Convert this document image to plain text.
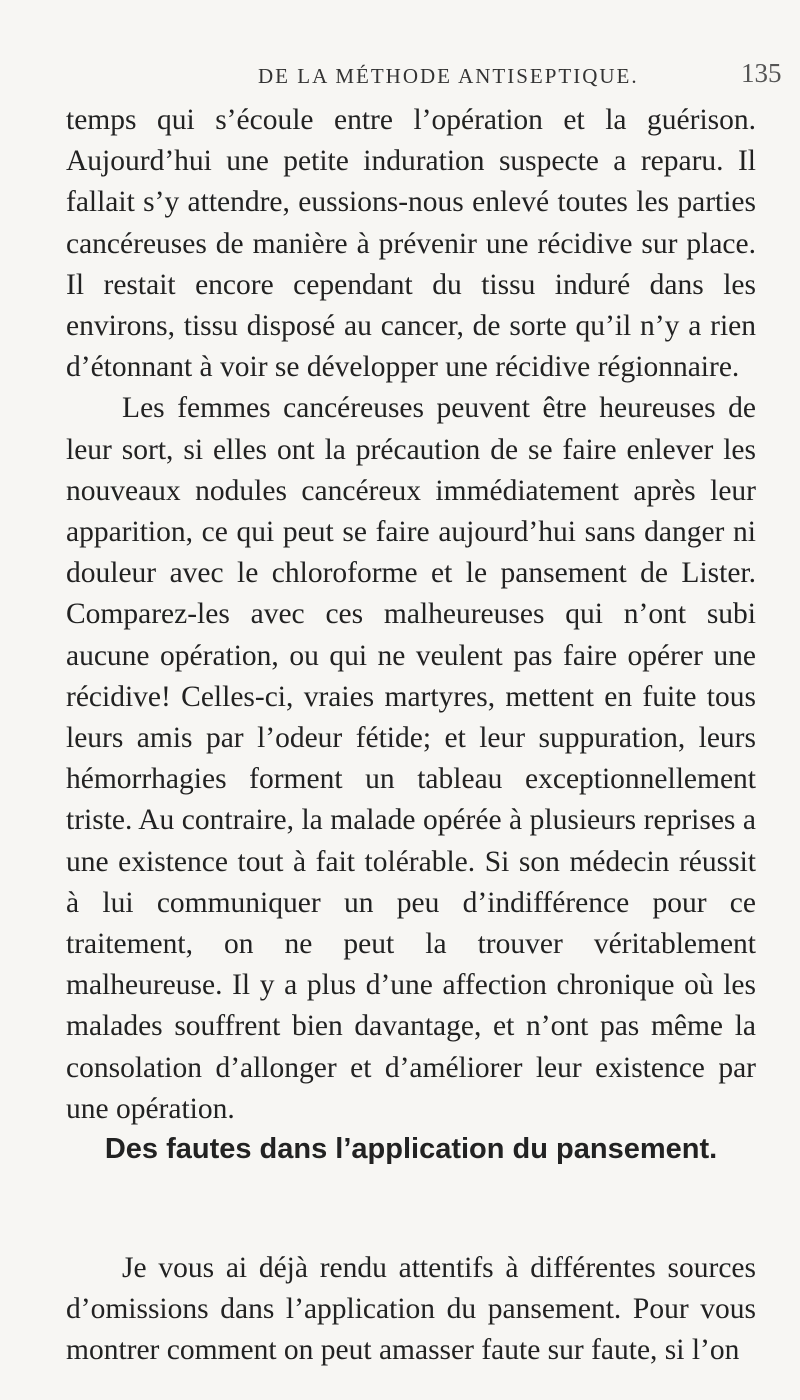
DE LA MÉTHODE ANTISEPTIQUE.	135

temps qui s’écoule entre l’opération et la guérison. Aujourd’hui une petite induration suspecte a reparu. Il fallait s’y attendre, eussions-nous enlevé toutes les parties cancéreuses de manière à prévenir une récidive sur place. Il restait encore cependant du tissu induré dans les environs, tissu disposé au cancer, de sorte qu’il n’y a rien d’étonnant à voir se développer une récidive régionnaire.

Les femmes cancéreuses peuvent être heureuses de leur sort, si elles ont la précaution de se faire enlever les nouveaux nodules cancéreux immédiatement après leur apparition, ce qui peut se faire aujourd’hui sans danger ni douleur avec le chloroforme et le pansement de Lister. Comparez-les avec ces malheureuses qui n’ont subi aucune opération, ou qui ne veulent pas faire opérer une récidive! Celles-ci, vraies martyres, mettent en fuite tous leurs amis par l’odeur fétide; et leur suppuration, leurs hémorrhagies forment un tableau exceptionnellement triste. Au contraire, la malade opérée à plusieurs reprises a une existence tout à fait tolérable. Si son médecin réussit à lui communiquer un peu d’indifférence pour ce traitement, on ne peut la trouver véritablement malheureuse. Il y a plus d’une affection chronique où les malades souffrent bien davantage, et n’ont pas même la consolation d’allonger et d’améliorer leur existence par une opération.

Des fautes dans l’application du pansement.

Je vous ai déjà rendu attentifs à différentes sources d’omissions dans l’application du pansement. Pour vous montrer comment on peut amasser faute sur faute, si l’on
